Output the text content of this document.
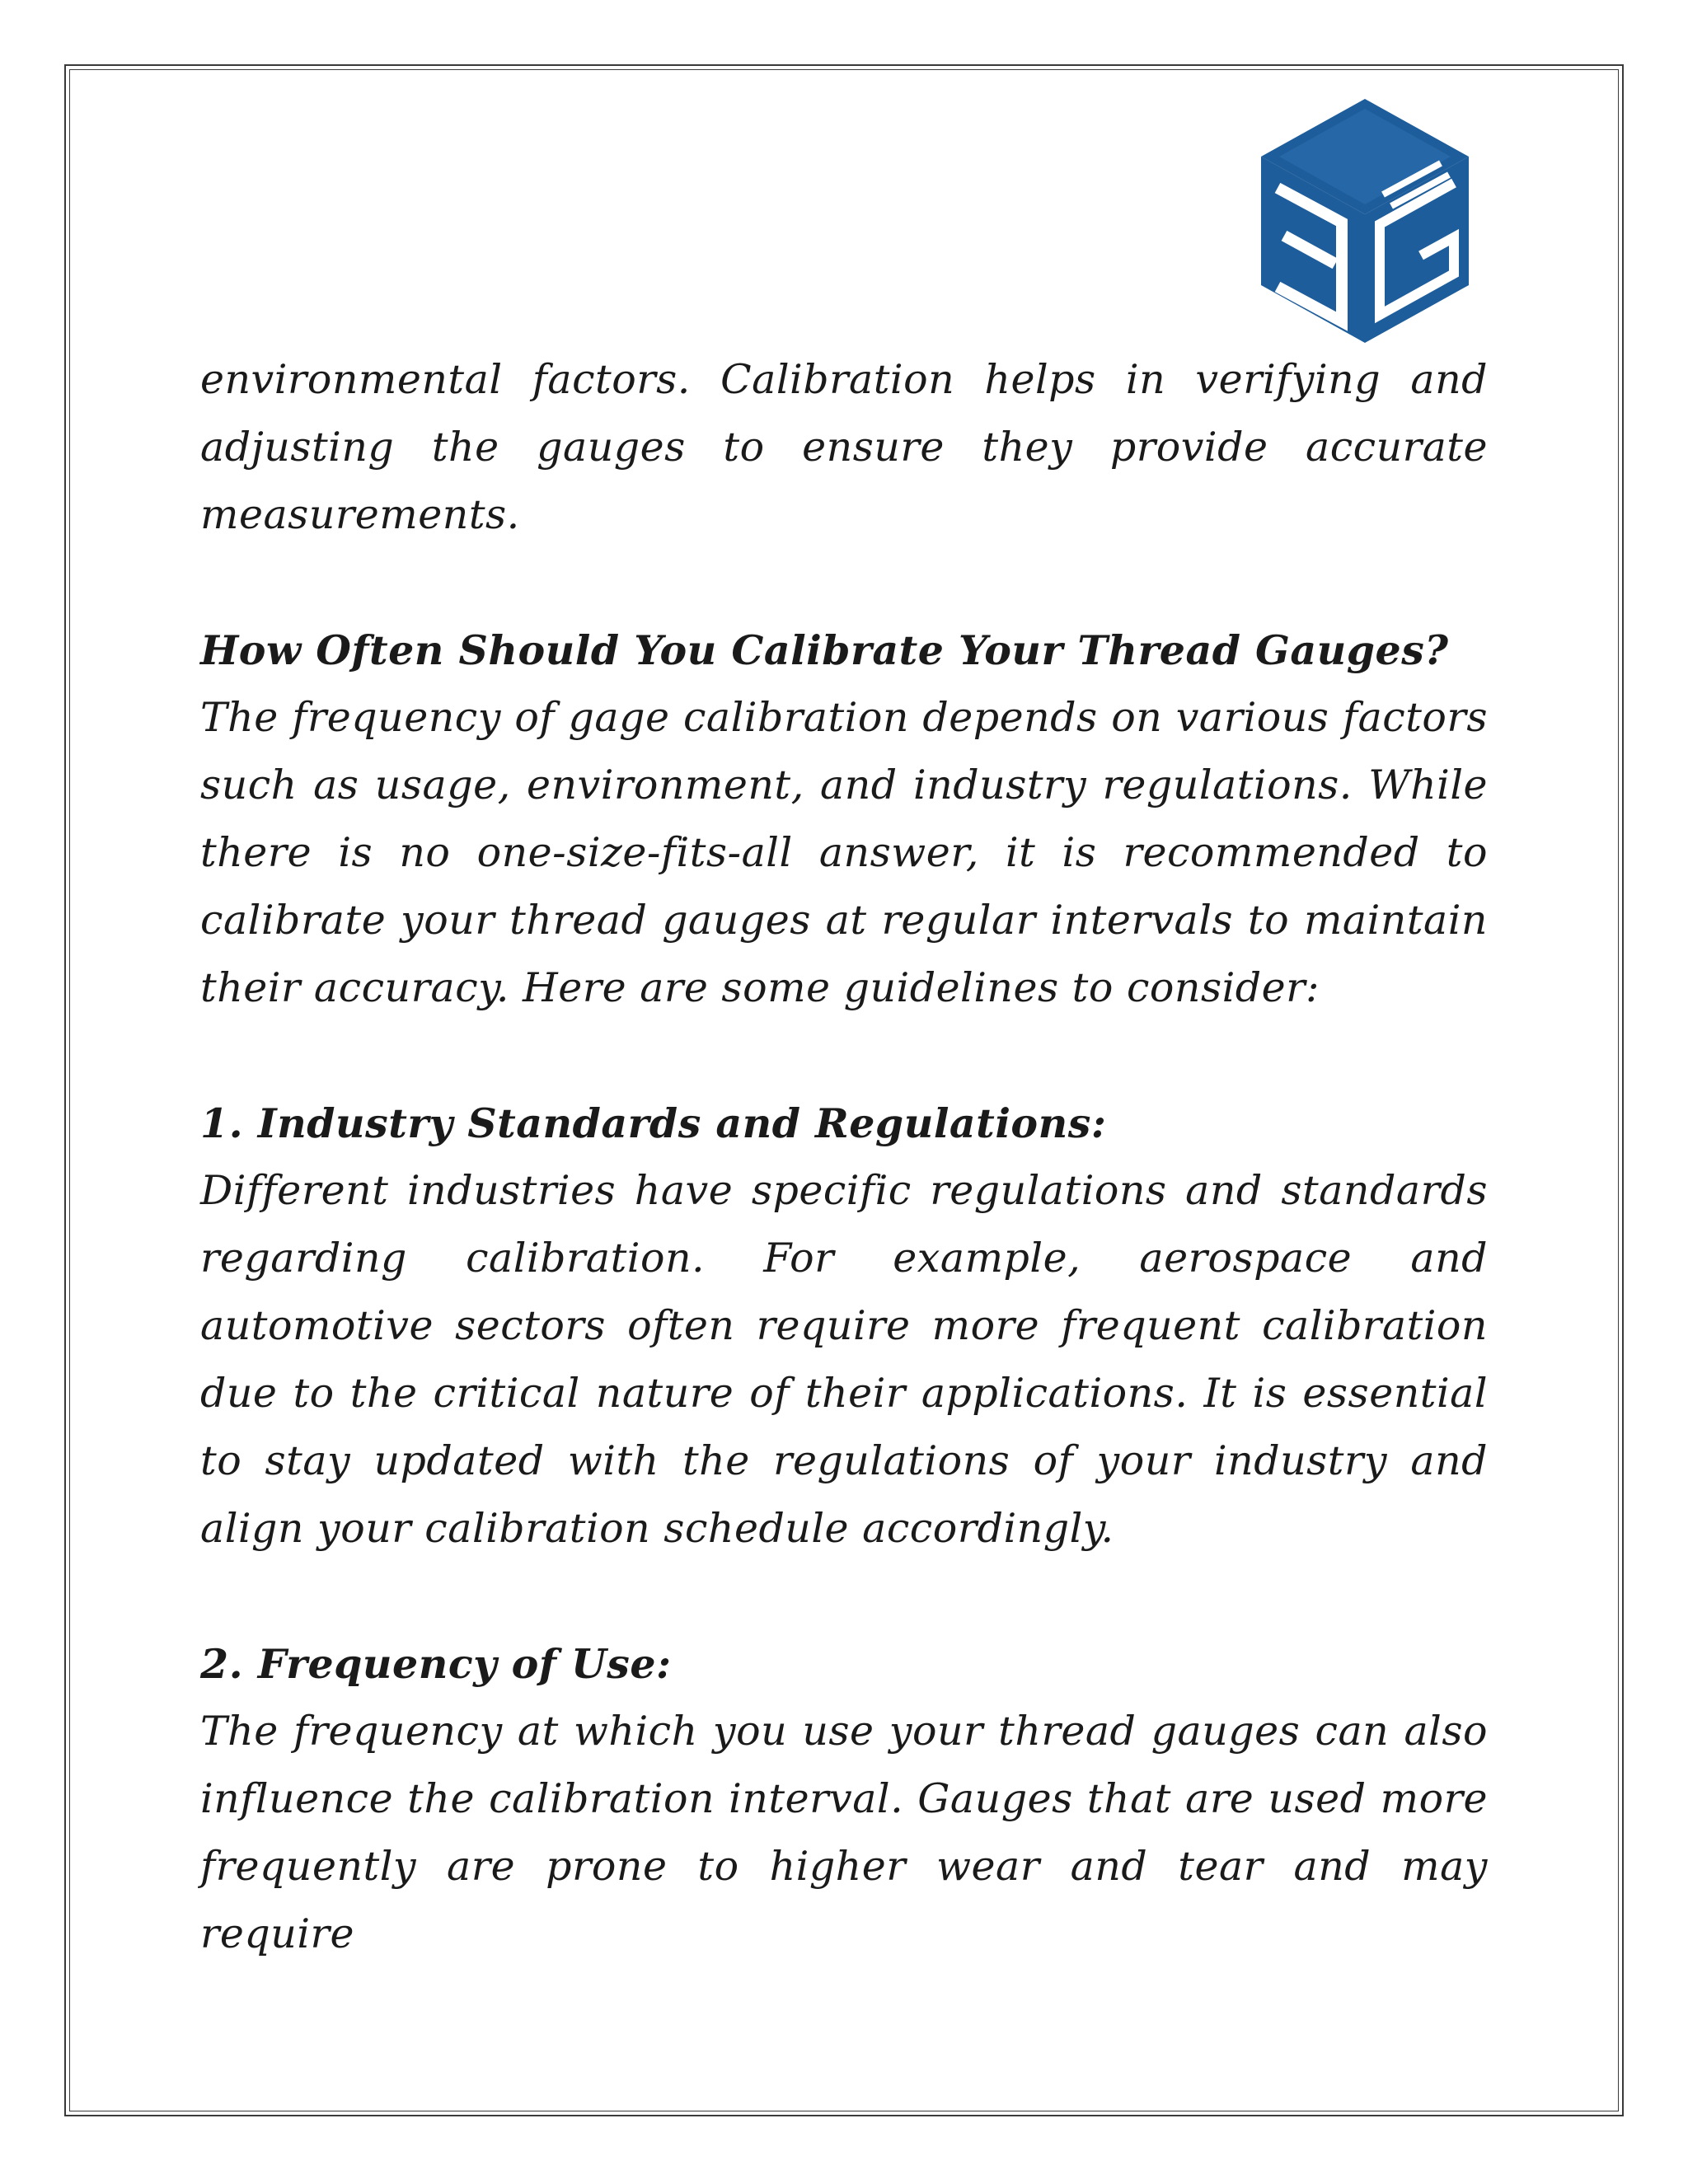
environmental factors. Calibration helps in verifying and adjusting the gauges to ensure they provide accurate measurements.

How Often Should You Calibrate Your Thread Gauges?

The frequency of gage calibration depends on various factors such as usage, environment, and industry regulations. While there is no one-size-fits-all answer, it is recommended to calibrate your thread gauges at regular intervals to maintain their accuracy. Here are some guidelines to consider:

1. Industry Standards and Regulations:

Different industries have specific regulations and standards regarding calibration. For example, aerospace and automotive sectors often require more frequent calibration due to the critical nature of their applications. It is essential to stay updated with the regulations of your industry and align your calibration schedule accordingly.

2. Frequency of Use:

The frequency at which you use your thread gauges can also influence the calibration interval. Gauges that are used more frequently are prone to higher wear and tear and may require
